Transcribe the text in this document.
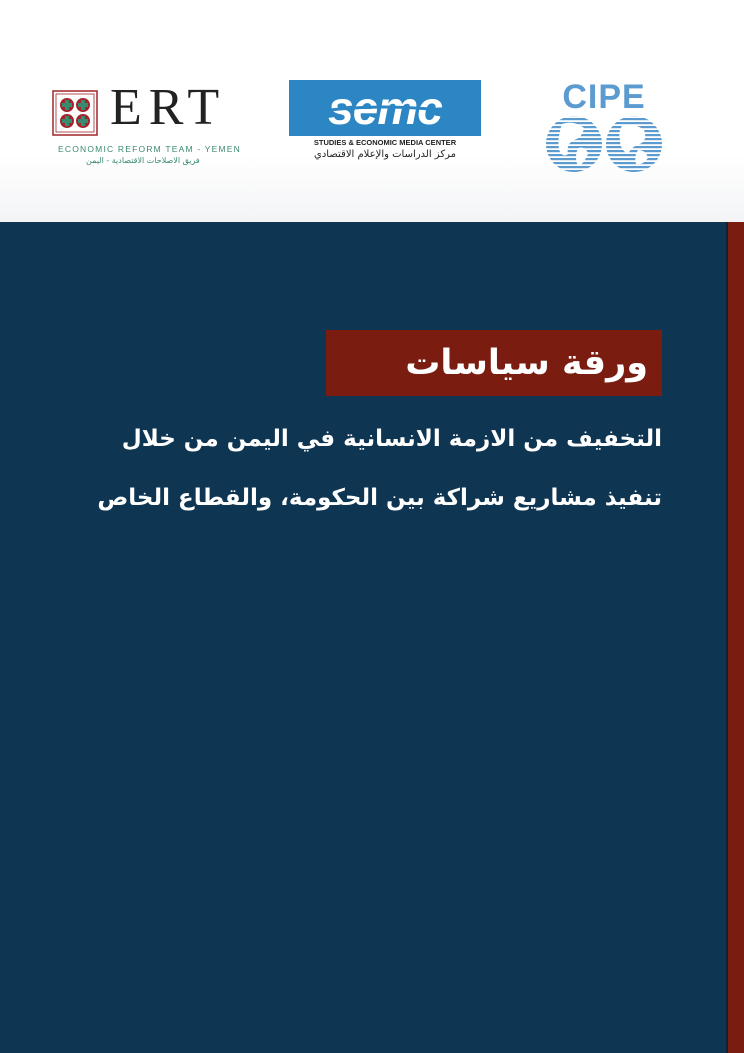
ERT
ECONOMIC REFORM TEAM - YEMEN
فريق الاصلاحات الاقتصادية - اليمن
semc
STUDIES & ECONOMIC MEDIA CENTER
مركز الدراسات والإعلام الاقتصادي
CIPE
ورقة سياسات
التخفيف من الازمة الانسانية في اليمن من خلال
تنفيذ مشاريع شراكة بين الحكومة، والقطاع الخاص
